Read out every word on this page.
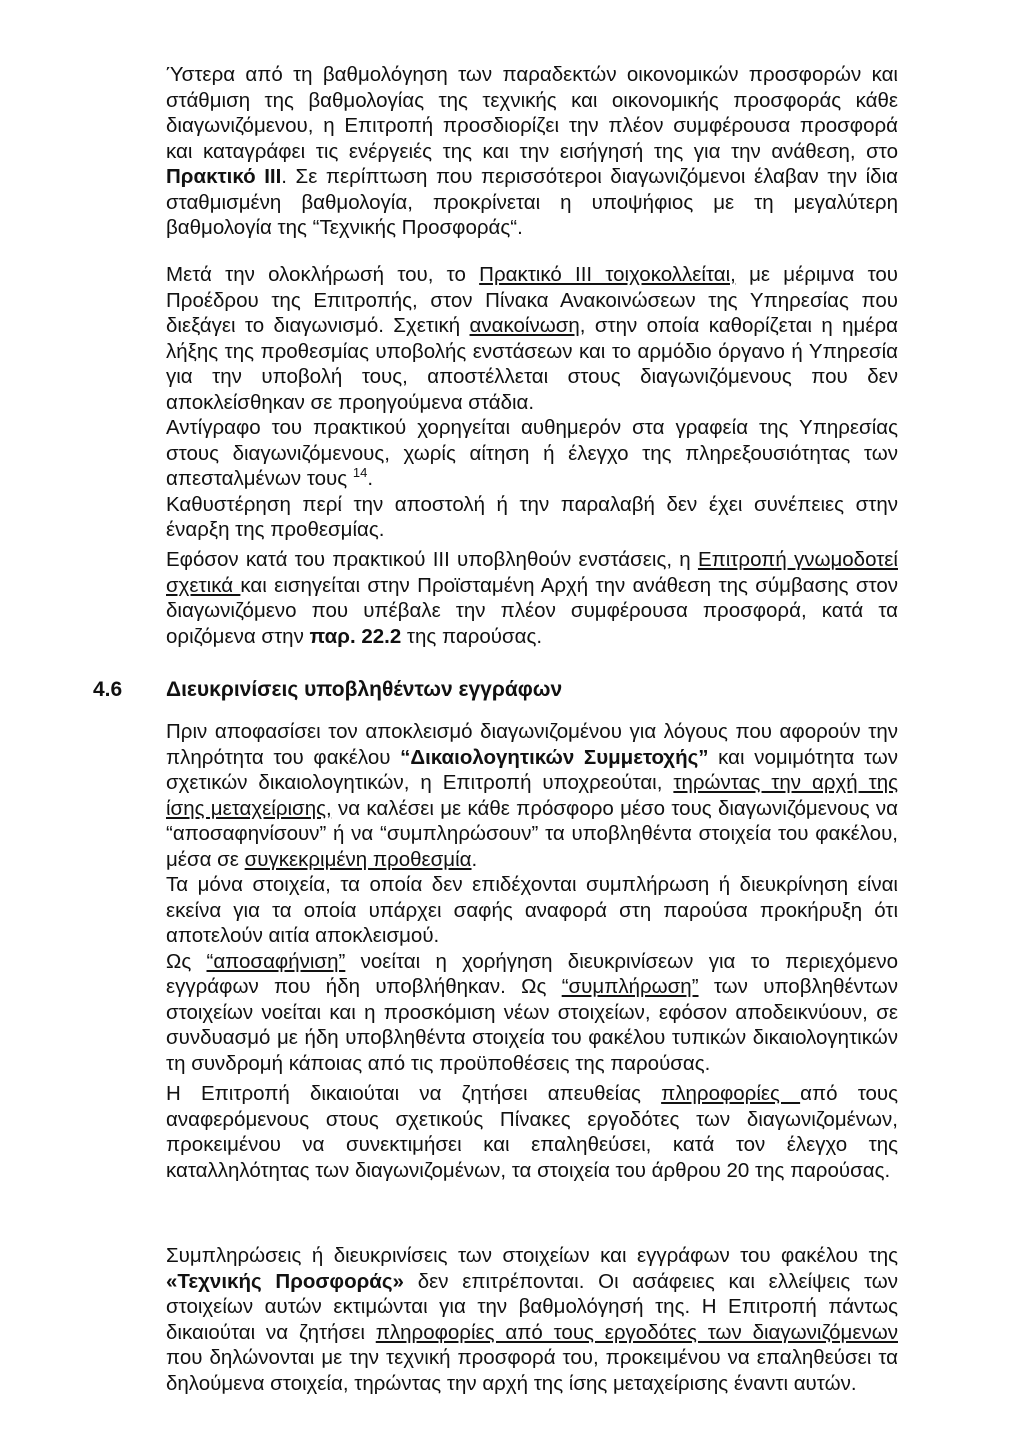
Ύστερα από τη βαθμολόγηση των παραδεκτών οικονομικών προσφορών και στάθμιση της βαθμολογίας της τεχνικής και οικονομικής προσφοράς κάθε διαγωνιζόμενου, η Επιτροπή προσδιορίζει την πλέον συμφέρουσα προσφορά και καταγράφει τις ενέργειές της και την εισήγησή της για την ανάθεση, στο Πρακτικό ΙΙΙ. Σε περίπτωση που περισσότεροι διαγωνιζόμενοι έλαβαν την ίδια σταθμισμένη βαθμολογία, προκρίνεται η υποψήφιος με τη μεγαλύτερη βαθμολογία της “Τεχνικής Προσφοράς“.

Μετά την ολοκλήρωσή του, το Πρακτικό ΙΙΙ τοιχοκολλείται, με μέριμνα του Προέδρου της Επιτροπής, στον Πίνακα Ανακοινώσεων της Υπηρεσίας που διεξάγει το διαγωνισμό. Σχετική ανακοίνωση, στην οποία καθορίζεται η ημέρα λήξης της προθεσμίας υποβολής ενστάσεων και το αρμόδιο όργανο ή Υπηρεσία για την υποβολή τους, αποστέλλεται στους διαγωνιζόμενους που δεν αποκλείσθηκαν σε προηγούμενα στάδια.

Αντίγραφο του πρακτικού χορηγείται αυθημερόν στα γραφεία της Υπηρεσίας στους διαγωνιζόμενους, χωρίς αίτηση ή έλεγχο της πληρεξουσιότητας των απεσταλμένων τους $^{14}$.

Καθυστέρηση περί την αποστολή ή την παραλαβή δεν έχει συνέπειες στην έναρξη της προθεσμίας.

Εφόσον κατά του πρακτικού ΙΙΙ υποβληθούν ενστάσεις, η Επιτροπή γνωμοδοτεί σχετικά και εισηγείται στην Προϊσταμένη Αρχή την ανάθεση της σύμβασης στον διαγωνιζόμενο που υπέβαλε την πλέον συμφέρουσα προσφορά, κατά τα οριζόμενα στην παρ. 22.2 της παρούσας.

4.6 Διευκρινίσεις υποβληθέντων εγγράφων

Πριν αποφασίσει τον αποκλεισμό διαγωνιζομένου για λόγους που αφορούν την πληρότητα του φακέλου “Δικαιολογητικών Συμμετοχής” και νομιμότητα των σχετικών δικαιολογητικών, η Επιτροπή υποχρεούται, τηρώντας την αρχή της ίσης μεταχείρισης, να καλέσει με κάθε πρόσφορο μέσο τους διαγωνιζόμενους να “αποσαφηνίσουν” ή να “συμπληρώσουν” τα υποβληθέντα στοιχεία του φακέλου, μέσα σε συγκεκριμένη προθεσμία.

Τα μόνα στοιχεία, τα οποία δεν επιδέχονται συμπλήρωση ή διευκρίνηση είναι εκείνα για τα οποία υπάρχει σαφής αναφορά στη παρούσα προκήρυξη ότι αποτελούν αιτία αποκλεισμού.

Ως “αποσαφήνιση” νοείται η χορήγηση διευκρινίσεων για το περιεχόμενο εγγράφων που ήδη υποβλήθηκαν. Ως “συμπλήρωση” των υποβληθέντων στοιχείων νοείται και η προσκόμιση νέων στοιχείων, εφόσον αποδεικνύουν, σε συνδυασμό με ήδη υποβληθέντα στοιχεία του φακέλου τυπικών δικαιολογητικών τη συνδρομή κάποιας από τις προϋποθέσεις της παρούσας.

Η Επιτροπή δικαιούται να ζητήσει απευθείας πληροφορίες από τους αναφερόμενους στους σχετικούς Πίνακες εργοδότες των διαγωνιζομένων, προκειμένου να συνεκτιμήσει και επαληθεύσει, κατά τον έλεγχο της καταλληλότητας των διαγωνιζομένων, τα στοιχεία του άρθρου 20 της παρούσας.

Συμπληρώσεις ή διευκρινίσεις των στοιχείων και εγγράφων του φακέλου της «Τεχνικής Προσφοράς» δεν επιτρέπονται. Οι ασάφειες και ελλείψεις των στοιχείων αυτών εκτιμώνται για την βαθμολόγησή της. Η Επιτροπή πάντως δικαιούται να ζητήσει πληροφορίες από τους εργοδότες των διαγωνιζόμενων που δηλώνονται με την τεχνική προσφορά του, προκειμένου να επαληθεύσει τα δηλούμενα στοιχεία, τηρώντας την αρχή της ίσης μεταχείρισης έναντι αυτών.
